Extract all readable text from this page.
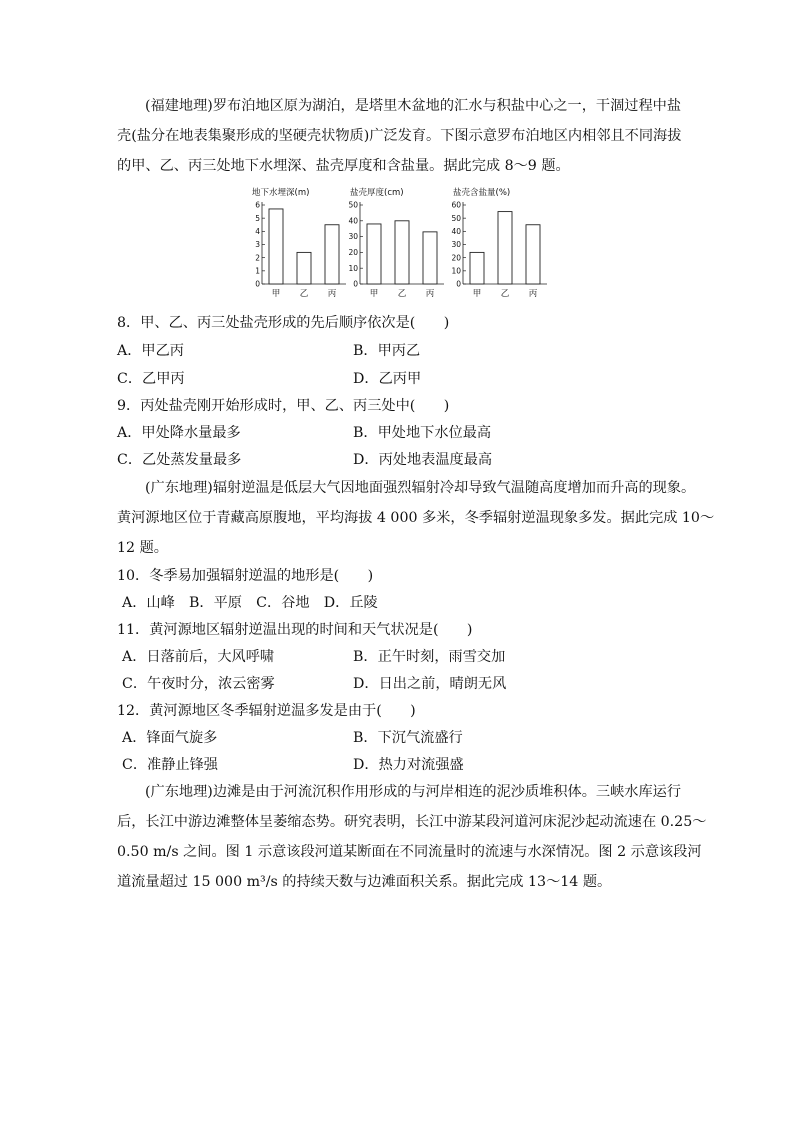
(福建地理)罗布泊地区原为湖泊，是塔里木盆地的汇水与积盐中心之一，干涸过程中盐
壳(盐分在地表集聚形成的坚硬壳状物质)广泛发育。下图示意罗布泊地区内相邻且不同海拔
的甲、乙、丙三处地下水埋深、盐壳厚度和含盐量。据此完成 8～9 题。
地下水埋深(m)
0
1
2
3
4
5
6
甲 乙 丙
盐壳厚度(cm)
0
10
20
30
40
50
甲 乙 丙
盐壳含盐量(%)
0
10
20
30
40
50
60
甲 乙 丙
8．甲、乙、丙三处盐壳形成的先后顺序依次是(　　)
A．甲乙丙	B．甲丙乙
C．乙甲丙	D．乙丙甲
9．丙处盐壳刚开始形成时，甲、乙、丙三处中(　　)
A．甲处降水量最多	B．甲处地下水位最高
C．乙处蒸发量最多	D．丙处地表温度最高
(广东地理)辐射逆温是低层大气因地面强烈辐射冷却导致气温随高度增加而升高的现象。
黄河源地区位于青藏高原腹地，平均海拔 4 000 多米，冬季辐射逆温现象多发。据此完成 10～
12 题。
10．冬季易加强辐射逆温的地形是(　　)
A．山峰　B．平原　C．谷地　D．丘陵
11．黄河源地区辐射逆温出现的时间和天气状况是(　　)
A．日落前后，大风呼啸	B．正午时刻，雨雪交加
C．午夜时分，浓云密雾	D．日出之前，晴朗无风
12．黄河源地区冬季辐射逆温多发是由于(　　)
A．锋面气旋多	B．下沉气流盛行
C．准静止锋强	D．热力对流强盛
(广东地理)边滩是由于河流沉积作用形成的与河岸相连的泥沙质堆积体。三峡水库运行
后，长江中游边滩整体呈萎缩态势。研究表明，长江中游某段河道河床泥沙起动流速在 0.25～
0.50 m/s 之间。图 1 示意该段河道某断面在不同流量时的流速与水深情况。图 2 示意该段河
道流量超过 15 000 m³/s 的持续天数与边滩面积关系。据此完成 13～14 题。
